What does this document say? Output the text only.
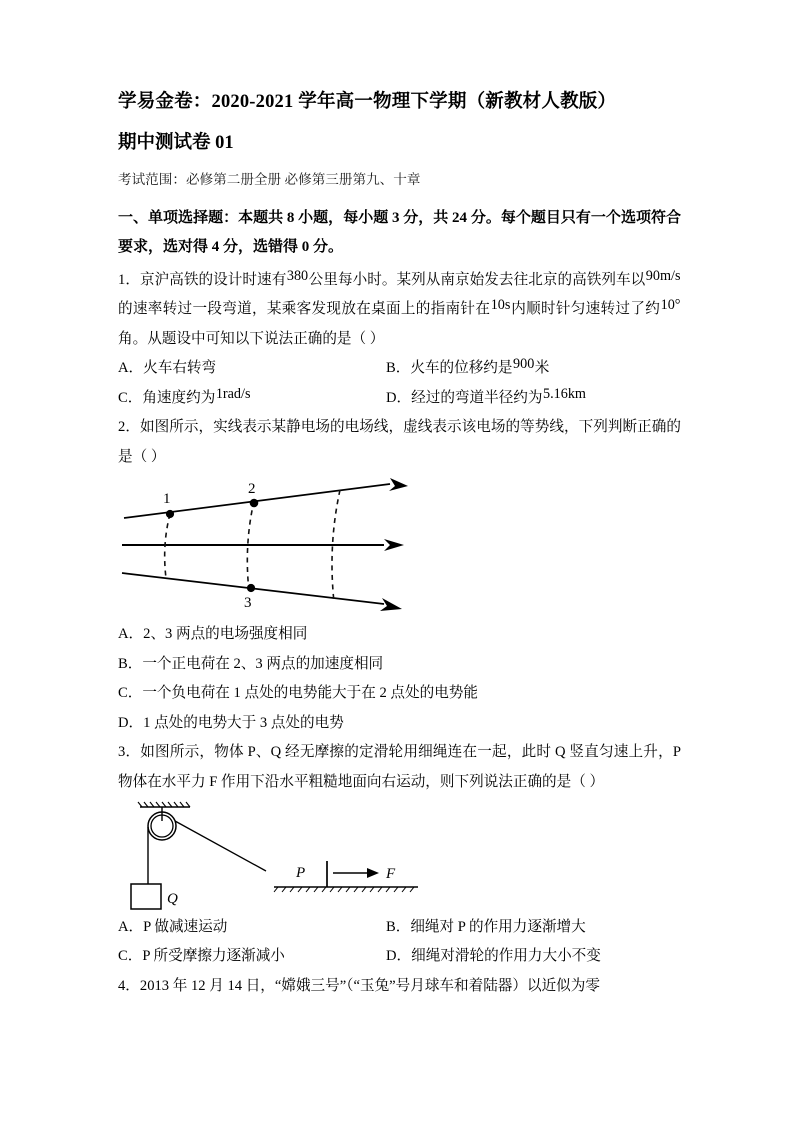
学易金卷：2020-2021 学年高一物理下学期（新教材人教版）
期中测试卷 01

考试范围：必修第二册全册 必修第三册第九、十章

一、单项选择题：本题共 8 小题，每小题 3 分，共 24 分。每个题目只有一个选项符合要求，选对得 4 分，选错得 0 分。

1．京沪高铁的设计时速有380公里每小时。某列从南京始发去往北京的高铁列车以90m/s的速率转过一段弯道，某乘客发现放在桌面上的指南针在10s内顺时针匀速转过了约10°角。从题设中可知以下说法正确的是（ ）

A．火车右转弯	B．火车的位移约是900米
C．角速度约为1rad/s	D．经过的弯道半径约为5.16km

2．如图所示，实线表示某静电场的电场线，虚线表示该电场的等势线，下列判断正确的是（ ）

1
2
3
A．2、3 两点的电场强度相同
B．一个正电荷在 2、3 两点的加速度相同
C．一个负电荷在 1 点处的电势能大于在 2 点处的电势能
D．1 点处的电势大于 3 点处的电势

3．如图所示，物体 P、Q 经无摩擦的定滑轮用细绳连在一起，此时 Q 竖直匀速上升，P 物体在水平力 F 作用下沿水平粗糙地面向右运动，则下列说法正确的是（ ）

Q
P	F
A．P 做减速运动	B．细绳对 P 的作用力逐渐增大
C．P 所受摩擦力逐渐减小	D．细绳对滑轮的作用力大小不变

4．2013 年 12 月 14 日，“嫦娥三号”（“玉兔”号月球车和着陆器）以近似为零
